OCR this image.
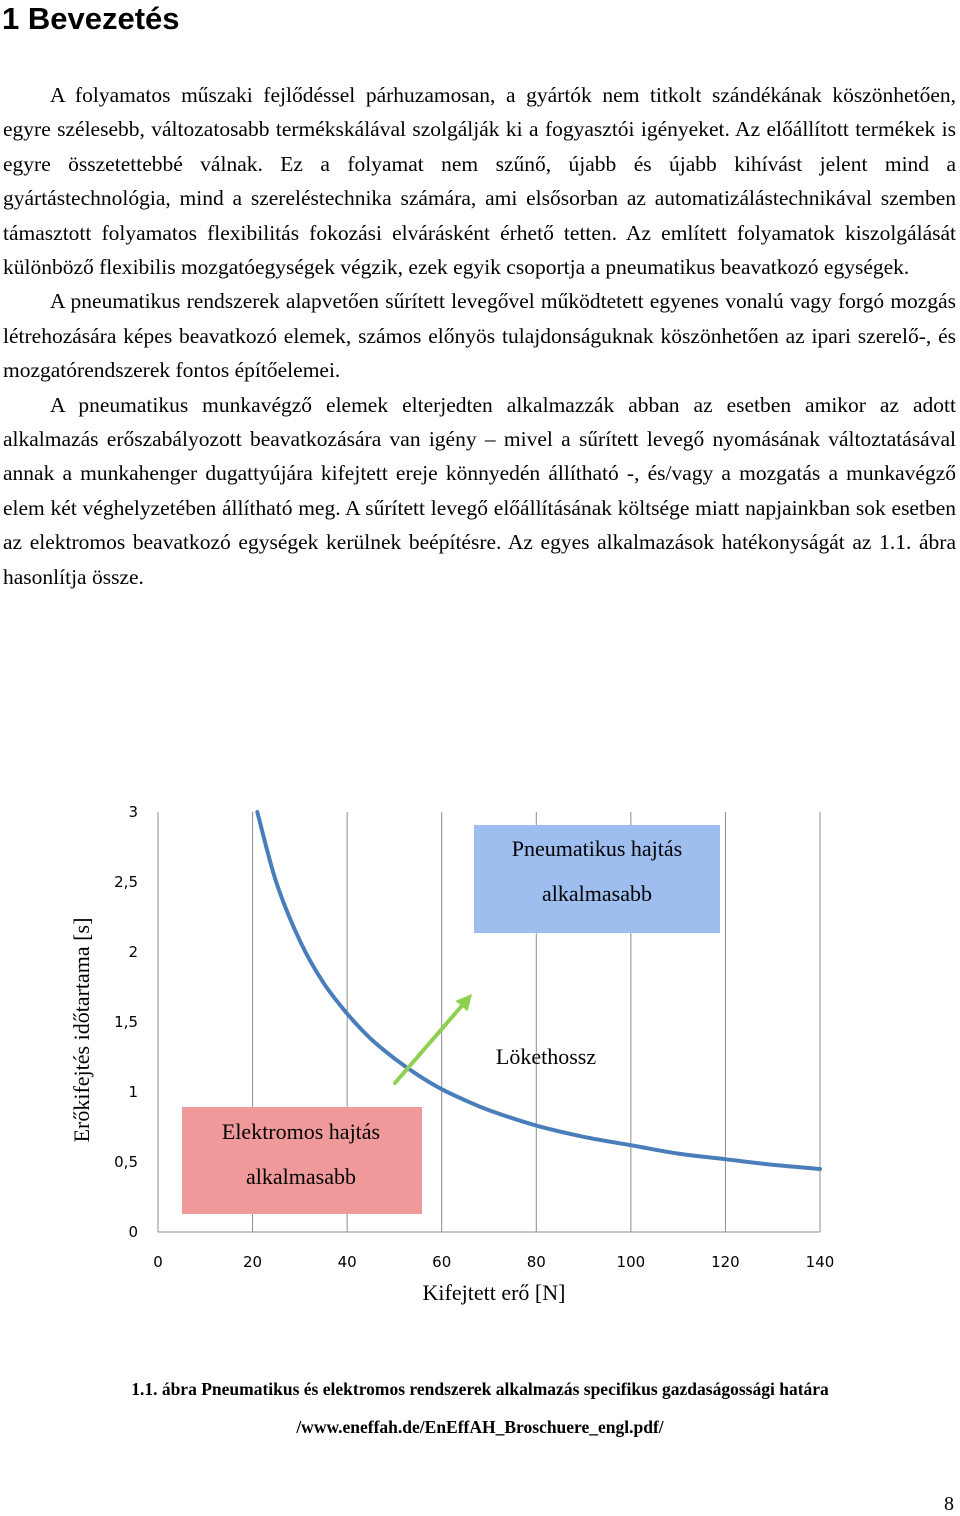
1 Bevezetés

A folyamatos műszaki fejlődéssel párhuzamosan, a gyártók nem titkolt szándékának köszönhetően, egyre szélesebb, változatosabb termékskálával szolgálják ki a fogyasztói igényeket. Az előállított termékek is egyre összetettebbé válnak. Ez a folyamat nem szűnő, újabb és újabb kihívást jelent mind a gyártástechnológia, mind a szereléstechnika számára, ami elsősorban az automatizálástechnikával szemben támasztott folyamatos flexibilitás fokozási elvárásként érhető tetten. Az említett folyamatok kiszolgálását különböző flexibilis mozgatóegységek végzik, ezek egyik csoportja a pneumatikus beavatkozó egységek.

A pneumatikus rendszerek alapvetően sűrített levegővel működtetett egyenes vonalú vagy forgó mozgás létrehozására képes beavatkozó elemek, számos előnyös tulajdonságuknak köszönhetően az ipari szerelő-, és mozgatórendszerek fontos építőelemei.

A pneumatikus munkavégző elemek elterjedten alkalmazzák abban az esetben amikor az adott alkalmazás erőszabályozott beavatkozására van igény – mivel a sűrített levegő nyomásának változtatásával annak a munkahenger dugattyújára kifejtett ereje könnyedén állítható -, és/vagy a mozgatás a munkavégző elem két véghelyzetében állítható meg. A sűrített levegő előállításának költsége miatt napjainkban sok esetben az elektromos beavatkozó egységek kerülnek beépítésre. Az egyes alkalmazások hatékonyságát az 1.1. ábra hasonlítja össze.

0	20	40	60	80	100	120	140
0
0,5
1
1,5
2
2,5
3
Pneumatikus hajtás
alkalmasabb
Elektromos hajtás
alkalmasabb
Lökethossz
Kifejtett erő [N]
Erőkifejtés időtartama [s]
1.1. ábra Pneumatikus és elektromos rendszerek alkalmazás specifikus gazdaságossági határa
/www.eneffah.de/EnEffAH_Broschuere_engl.pdf/
8
